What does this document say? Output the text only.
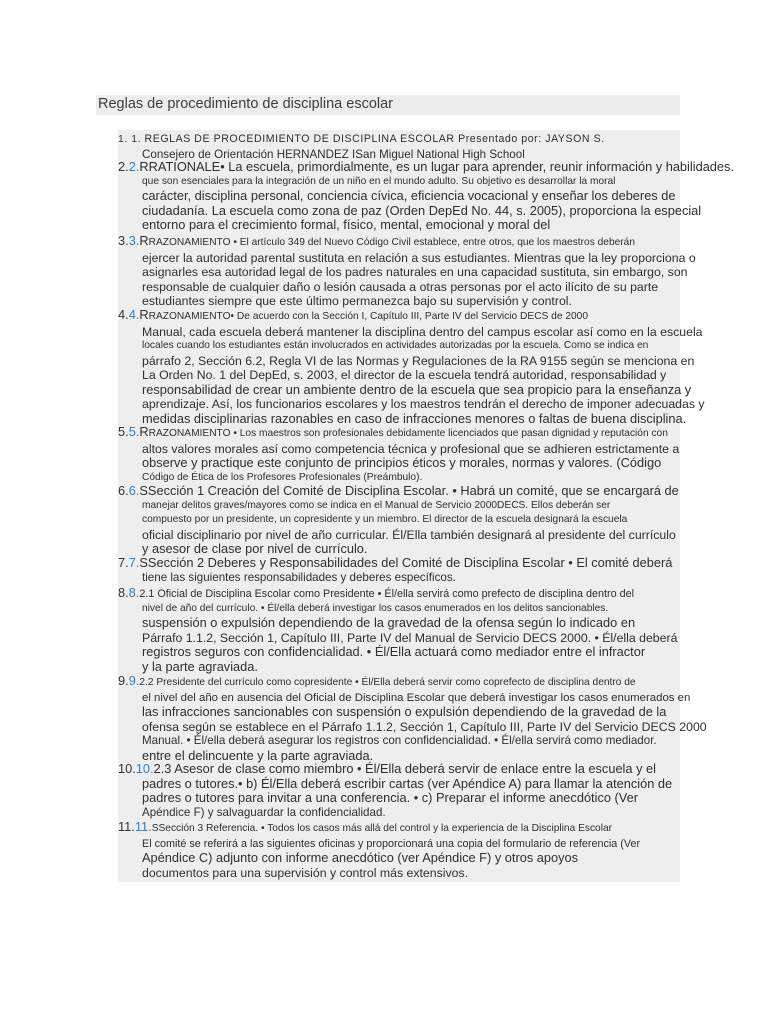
Reglas de procedimiento de disciplina escolar
1. 1. REGLAS DE PROCEDIMIENTO DE DISCIPLINA ESCOLAR Presentado por: JAYSON S.
Consejero de Orientación HERNANDEZ ISan Miguel National High School
2.2.RRATIONALE• La escuela, primordialmente, es un lugar para aprender, reunir información y habilidades.
que son esenciales para la integración de un niño en el mundo adulto. Su objetivo es desarrollar la moral
carácter, disciplina personal, conciencia cívica, eficiencia vocacional y enseñar los deberes de
ciudadanía. La escuela como zona de paz (Orden DepEd No. 44, s. 2005), proporciona la especial
entorno para el crecimiento formal, físico, mental, emocional y moral del
3.3.RRAZONAMIENTO • El artículo 349 del Nuevo Código Civil establece, entre otros, que los maestros deberán
ejercer la autoridad parental sustituta en relación a sus estudiantes. Mientras que la ley proporciona o
asignarles esa autoridad legal de los padres naturales en una capacidad sustituta, sin embargo, son
responsable de cualquier daño o lesión causada a otras personas por el acto ilícito de su parte
estudiantes siempre que este último permanezca bajo su supervisión y control.
4.4.RRAZONAMIENTO• De acuerdo con la Sección I, Capítulo III, Parte IV del Servicio DECS de 2000
Manual, cada escuela deberá mantener la disciplina dentro del campus escolar así como en la escuela
locales cuando los estudiantes están involucrados en actividades autorizadas por la escuela. Como se indica en
párrafo 2, Sección 6.2, Regla VI de las Normas y Regulaciones de la RA 9155 según se menciona en
La Orden No. 1 del DepEd, s. 2003, el director de la escuela tendrá autoridad, responsabilidad y
responsabilidad de crear un ambiente dentro de la escuela que sea propicio para la enseñanza y
aprendizaje. Así, los funcionarios escolares y los maestros tendrán el derecho de imponer adecuadas y
medidas disciplinarias razonables en caso de infracciones menores o faltas de buena disciplina.
5.5.RRAZONAMIENTO • Los maestros son profesionales debidamente licenciados que pasan dignidad y reputación con
altos valores morales así como competencia técnica y profesional que se adhieren estrictamente a
observe y practique este conjunto de principios éticos y morales, normas y valores. (Código
Código de Ética de los Profesores Profesionales (Preámbulo).
6.6.SSección 1 Creación del Comité de Disciplina Escolar. • Habrá un comité, que se encargará de
manejar delitos graves/mayores como se indica en el Manual de Servicio 2000DECS. Ellos deberán ser
compuesto por un presidente, un copresidente y un miembro. El director de la escuela designará la escuela
oficial disciplinario por nivel de año curricular. Él/Ella también designará al presidente del currículo
y asesor de clase por nivel de currículo.
7.7.SSección 2 Deberes y Responsabilidades del Comité de Disciplina Escolar • El comité deberá
tiene las siguientes responsabilidades y deberes específicos.
8.8.2.1 Oficial de Disciplina Escolar como Presidente • Él/ella servirá como prefecto de disciplina dentro del
nivel de año del currículo. • Él/ella deberá investigar los casos enumerados en los delitos sancionables.
suspensión o expulsión dependiendo de la gravedad de la ofensa según lo indicado en
Párrafo 1.1.2, Sección 1, Capítulo III, Parte IV del Manual de Servicio DECS 2000. • Él/ella deberá
registros seguros con confidencialidad. • Él/Ella actuará como mediador entre el infractor
y la parte agraviada.
9.9.2.2 Presidente del currículo como copresidente • Él/Ella deberá servir como coprefecto de disciplina dentro de
el nivel del año en ausencia del Oficial de Disciplina Escolar que deberá investigar los casos enumerados en
las infracciones sancionables con suspensión o expulsión dependiendo de la gravedad de la
ofensa según se establece en el Párrafo 1.1.2, Sección 1, Capítulo III, Parte IV del Servicio DECS 2000
Manual. • Él/ella deberá asegurar los registros con confidencialidad. • Él/ella servirá como mediador.
entre el delincuente y la parte agraviada.
10.10.2.3 Asesor de clase como miembro • Él/Ella deberá servir de enlace entre la escuela y el
padres o tutores.• b) Él/Ella deberá escribir cartas (ver Apéndice A) para llamar la atención de
padres o tutores para invitar a una conferencia. • c) Preparar el informe anecdótico (Ver
Apéndice F) y salvaguardar la confidencialidad.
11.11.SSección 3 Referencia. • Todos los casos más allá del control y la experiencia de la Disciplina Escolar
El comité se referirá a las siguientes oficinas y proporcionará una copia del formulario de referencia (Ver
Apéndice C) adjunto con informe anecdótico (ver Apéndice F) y otros apoyos
documentos para una supervisión y control más extensivos.
